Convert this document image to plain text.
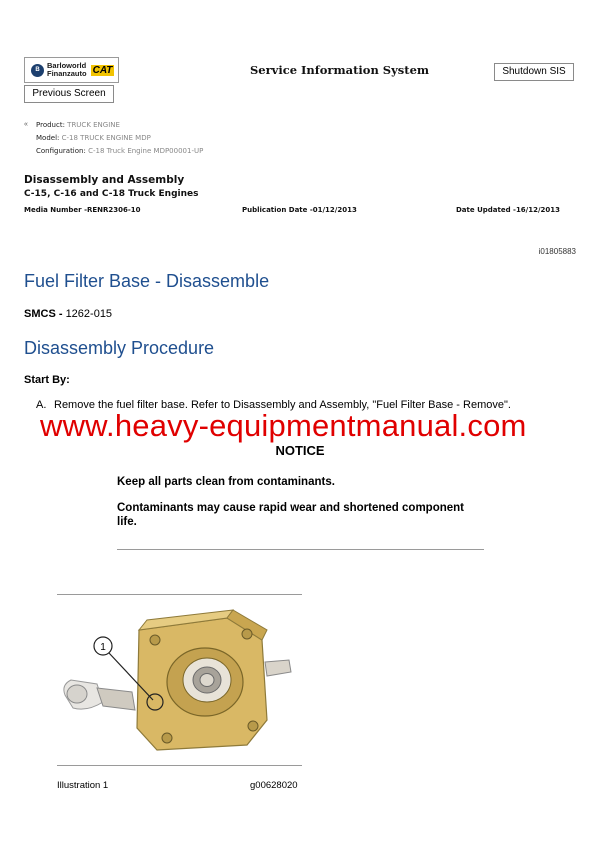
B Barloworld
Finanzauto CAT
Previous Screen
Service Information System	Shutdown SIS
« Product: TRUCK ENGINE
Model: C-18 TRUCK ENGINE MDP
Configuration: C-18 Truck Engine MDP00001-UP
Disassembly and Assembly
C-15, C-16 and C-18 Truck Engines
Media Number -RENR2306-10	Publication Date -01/12/2013	Date Updated -16/12/2013
i01805883
Fuel Filter Base - Disassemble
SMCS - 1262-015
Disassembly Procedure
Start By:
A. Remove the fuel filter base. Refer to Disassembly and Assembly, "Fuel Filter Base - Remove".
www.heavy-equipmentmanual.com
NOTICE
Keep all parts clean from contaminants.
Contaminants may cause rapid wear and shortened component life.
1
Illustration 1	g00628020
